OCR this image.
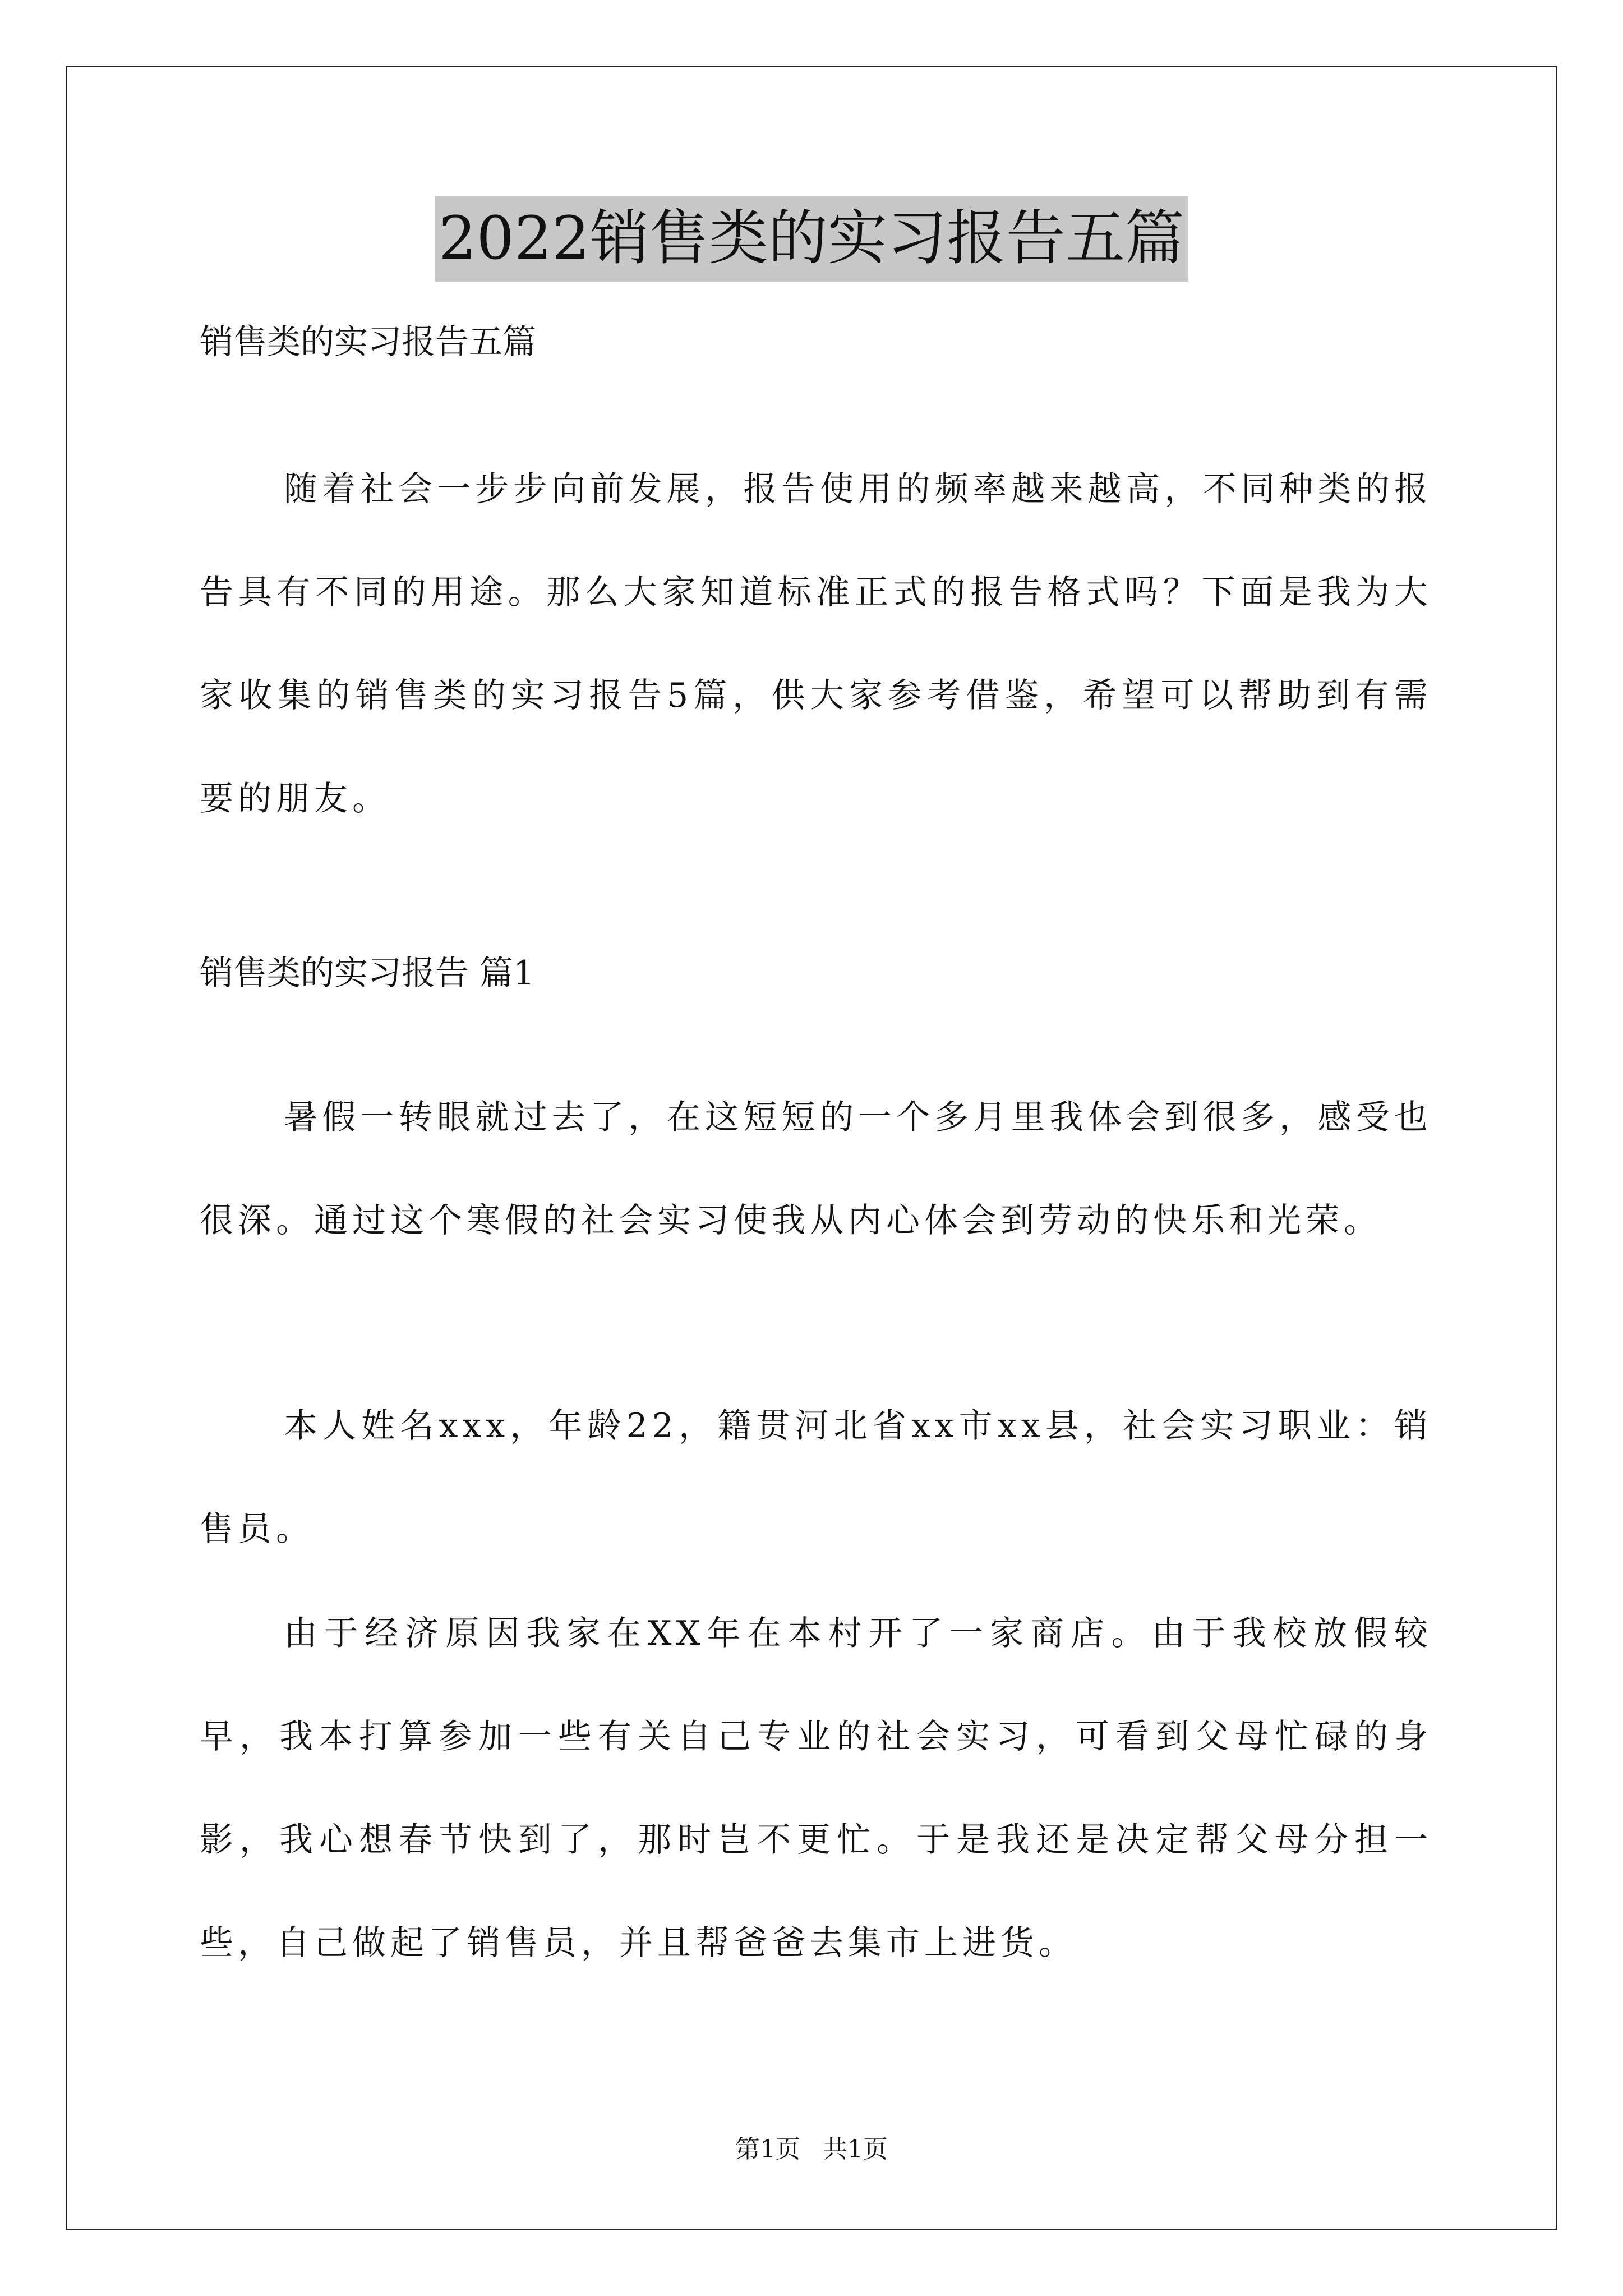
2022销售类的实习报告五篇

销售类的实习报告五篇

随着社会一步步向前发展，报告使用的频率越来越高，不同种类的报告具有不同的用途。那么大家知道标准正式的报告格式吗？下面是我为大家收集的销售类的实习报告5篇，供大家参考借鉴，希望可以帮助到有需要的朋友。

销售类的实习报告 篇1

暑假一转眼就过去了，在这短短的一个多月里我体会到很多，感受也很深。通过这个寒假的社会实习使我从内心体会到劳动的快乐和光荣。

本人姓名xxx，年龄22，籍贯河北省xx市xx县，社会实习职业：销售员。

由于经济原因我家在XX年在本村开了一家商店。由于我校放假较早，我本打算参加一些有关自己专业的社会实习，可看到父母忙碌的身影，我心想春节快到了，那时岂不更忙。于是我还是决定帮父母分担一些，自己做起了销售员，并且帮爸爸去集市上进货。

第1页 共1页
